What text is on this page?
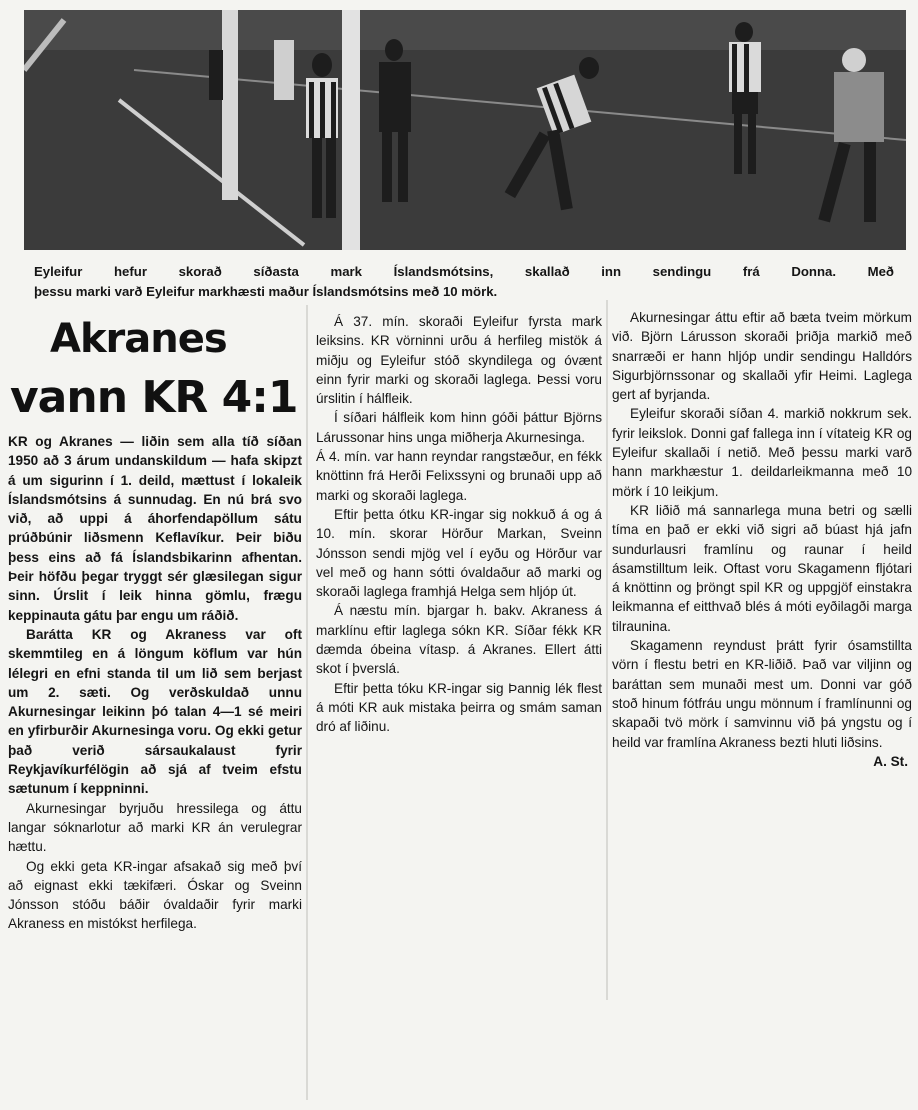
Eyleifur hefur skorað síðasta mark Íslandsmótsins, skallað inn sendingu frá Donna. Með

þessu marki varð Eyleifur markhæsti maður Íslandsmótsins með 10 mörk.

Akranes
vann KR 4:1

KR og Akranes — liðin sem alla tíð síðan 1950 að 3 árum undanskildum — hafa skipzt á um sigurinn í 1. deild, mættust í lokaleik Íslandsmótsins á sunnudag. En nú brá svo við, að uppi á áhorfendapöllum sátu prúðbúnir liðsmenn Keflavíkur. Þeir biðu þess eins að fá Íslandsbikarinn afhentan. Þeir höfðu þegar tryggt sér glæsilegan sigur sinn. Úrslit í leik hinna gömlu, frægu keppinauta gátu þar engu um ráðið.

Barátta KR og Akraness var oft skemmtileg en á löngum köflum var hún lélegri en efni standa til um lið sem berjast um 2. sæti. Og verðskuldað unnu Akurnesingar leikinn þó talan 4—1 sé meiri en yfirburðir Akurnesinga voru. Og ekki getur það verið sársaukalaust fyrir Reykjavíkurfélögin að sjá af tveim efstu sætunum í keppninni.

Akurnesingar byrjuðu hressilega og áttu langar sóknarlotur að marki KR án verulegrar hættu.

Og ekki geta KR-ingar afsakað sig með því að eignast ekki tækifæri. Óskar og Sveinn Jónsson stóðu báðir óvaldaðir fyrir marki Akraness en mistókst herfilega.

Á 37. mín. skoraði Eyleifur fyrsta mark leiksins. KR vörninni urðu á herfileg mistök á miðju og Eyleifur stóð skyndilega og óvænt einn fyrir marki og skoraði laglega. Þessi voru úrslitin í hálfleik.

Í síðari hálfleik kom hinn góði þáttur Björns Lárussonar hins unga miðherja Akurnesinga.

Á 4. mín. var hann reyndar rangstæður, en fékk knöttinn frá Herði Felixssyni og brunaði upp að marki og skoraði laglega.

Eftir þetta ótku KR-ingar sig nokkuð á og á 10. mín. skorar Hörður Markan, Sveinn Jónsson sendi mjög vel í eyðu og Hörður var vel með og hann sótti óvaldaður að marki og skoraði laglega framhjá Helga sem hljóp út.

Á næstu mín. bjargar h. bakv. Akraness á marklínu eftir laglega sókn KR. Síðar fékk KR dæmda óbeina vítasp. á Akranes. Ellert átti skot í þverslá.

Eftir þetta tóku KR-ingar sig Þannig lék flest á móti KR auk mistaka þeirra og smám saman dró af liðinu.

Akurnesingar áttu eftir að bæta tveim mörkum við. Björn Lárusson skoraði þriðja markið með snarræði er hann hljóp undir sendingu Halldórs Sigurbjörnssonar og skallaði yfir Heimi. Laglega gert af byrjanda.

Eyleifur skoraði síðan 4. markið nokkrum sek. fyrir leikslok. Donni gaf fallega inn í vítateig KR og Eyleifur skallaði í netið. Með þessu marki varð hann markhæstur 1. deildarleikmanna með 10 mörk í 10 leikjum.

KR liðið má sannarlega muna betri og sælli tíma en það er ekki við sigri að búast hjá jafn sundurlausri framlínu og raunar í heild ásamstilltum leik. Oftast voru Skagamenn fljótari á knöttinn og þröngt spil KR og uppgjöf einstakra leikmanna ef eitthvað blés á móti eyðilagði marga tilraunina.

Skagamenn reyndust þrátt fyrir ósamstillta vörn í flestu betri en KR-liðið. Það var viljinn og baráttan sem munaði mest um. Donni var góð stoð hinum fótfráu ungu mönnum í framlínunni og skapaði tvö mörk í samvinnu við þá yngstu og í heild var framlína Akraness bezti hluti liðsins.

A. St.
